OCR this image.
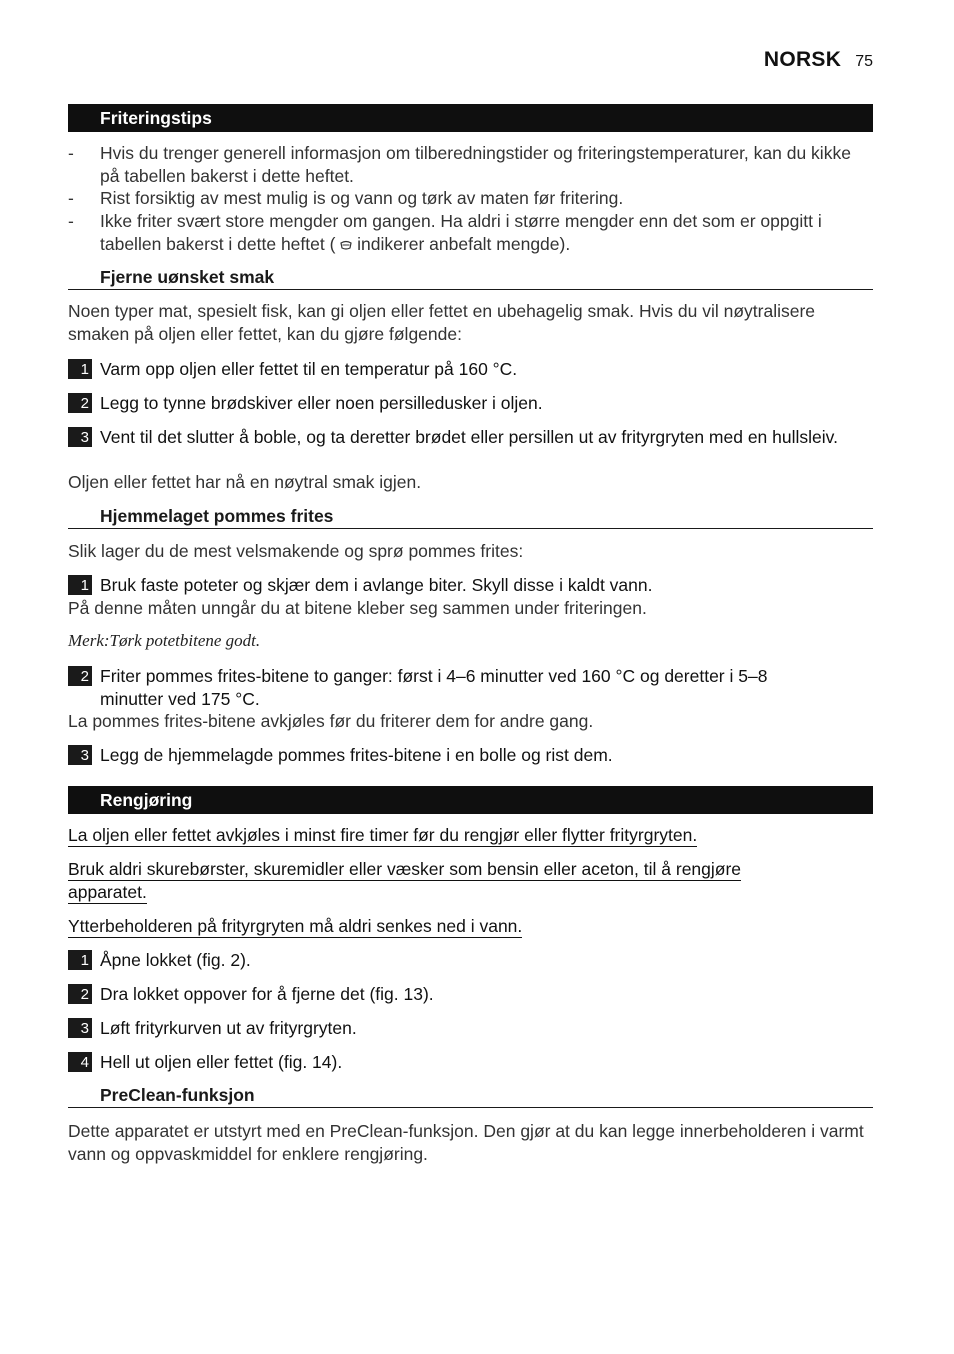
NORSK 75
Friteringstips
- Hvis du trenger generell informasjon om tilberedningstider og friteringstemperaturer, kan du kikke på tabellen bakerst i dette heftet.
- Rist forsiktig av mest mulig is og vann og tørk av maten før fritering.
- Ikke friter svært store mengder om gangen. Ha aldri i større mengder enn det som er oppgitt i
tabellen bakerst i dette heftet ( indikerer anbefalt mengde).
Fjerne uønsket smak
Noen typer mat, spesielt fisk, kan gi oljen eller fettet en ubehagelig smak. Hvis du vil nøytralisere smaken på oljen eller fettet, kan du gjøre følgende:
1 Varm opp oljen eller fettet til en temperatur på 160 °C.
2 Legg to tynne brødskiver eller noen persilledusker i oljen.
3 Vent til det slutter å boble, og ta deretter brødet eller persillen ut av frityrgryten med en hullsleiv.
Oljen eller fettet har nå en nøytral smak igjen.
Hjemmelaget pommes frites
Slik lager du de mest velsmakende og sprø pommes frites:
1 Bruk faste poteter og skjær dem i avlange biter. Skyll disse i kaldt vann.
På denne måten unngår du at bitene kleber seg sammen under friteringen.
Merk:Tørk potetbitene godt.
2 Friter pommes frites-bitene to ganger: først i 4–6 minutter ved 160 °C og deretter i 5–8 minutter ved 175 °C.
La pommes frites-bitene avkjøles før du friterer dem for andre gang.
3 Legg de hjemmelagde pommes frites-bitene i en bolle og rist dem.
Rengjøring
La oljen eller fettet avkjøles i minst fire timer før du rengjør eller flytter frityrgryten.
Bruk aldri skurebørster, skuremidler eller væsker som bensin eller aceton, til å rengjøre
apparatet.
Ytterbeholderen på frityrgryten må aldri senkes ned i vann.
1 Åpne lokket (fig. 2).
2 Dra lokket oppover for å fjerne det (fig. 13).
3 Løft frityrkurven ut av frityrgryten.
4 Hell ut oljen eller fettet (fig. 14).
PreClean-funksjon
Dette apparatet er utstyrt med en PreClean-funksjon. Den gjør at du kan legge innerbeholderen i varmt vann og oppvaskmiddel for enklere rengjøring.
